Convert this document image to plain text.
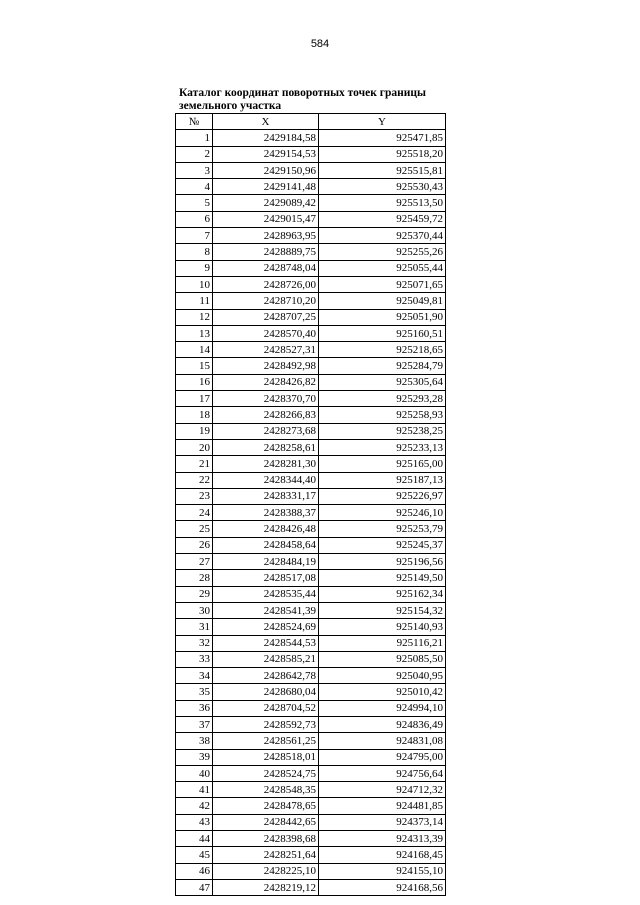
584
Каталог координат поворотных точек границы земельного участка
№	X	Y
1	2429184,58	925471,85
2	2429154,53	925518,20
3	2429150,96	925515,81
4	2429141,48	925530,43
5	2429089,42	925513,50
6	2429015,47	925459,72
7	2428963,95	925370,44
8	2428889,75	925255,26
9	2428748,04	925055,44
10	2428726,00	925071,65
11	2428710,20	925049,81
12	2428707,25	925051,90
13	2428570,40	925160,51
14	2428527,31	925218,65
15	2428492,98	925284,79
16	2428426,82	925305,64
17	2428370,70	925293,28
18	2428266,83	925258,93
19	2428273,68	925238,25
20	2428258,61	925233,13
21	2428281,30	925165,00
22	2428344,40	925187,13
23	2428331,17	925226,97
24	2428388,37	925246,10
25	2428426,48	925253,79
26	2428458,64	925245,37
27	2428484,19	925196,56
28	2428517,08	925149,50
29	2428535,44	925162,34
30	2428541,39	925154,32
31	2428524,69	925140,93
32	2428544,53	925116,21
33	2428585,21	925085,50
34	2428642,78	925040,95
35	2428680,04	925010,42
36	2428704,52	924994,10
37	2428592,73	924836,49
38	2428561,25	924831,08
39	2428518,01	924795,00
40	2428524,75	924756,64
41	2428548,35	924712,32
42	2428478,65	924481,85
43	2428442,65	924373,14
44	2428398,68	924313,39
45	2428251,64	924168,45
46	2428225,10	924155,10
47	2428219,12	924168,56
